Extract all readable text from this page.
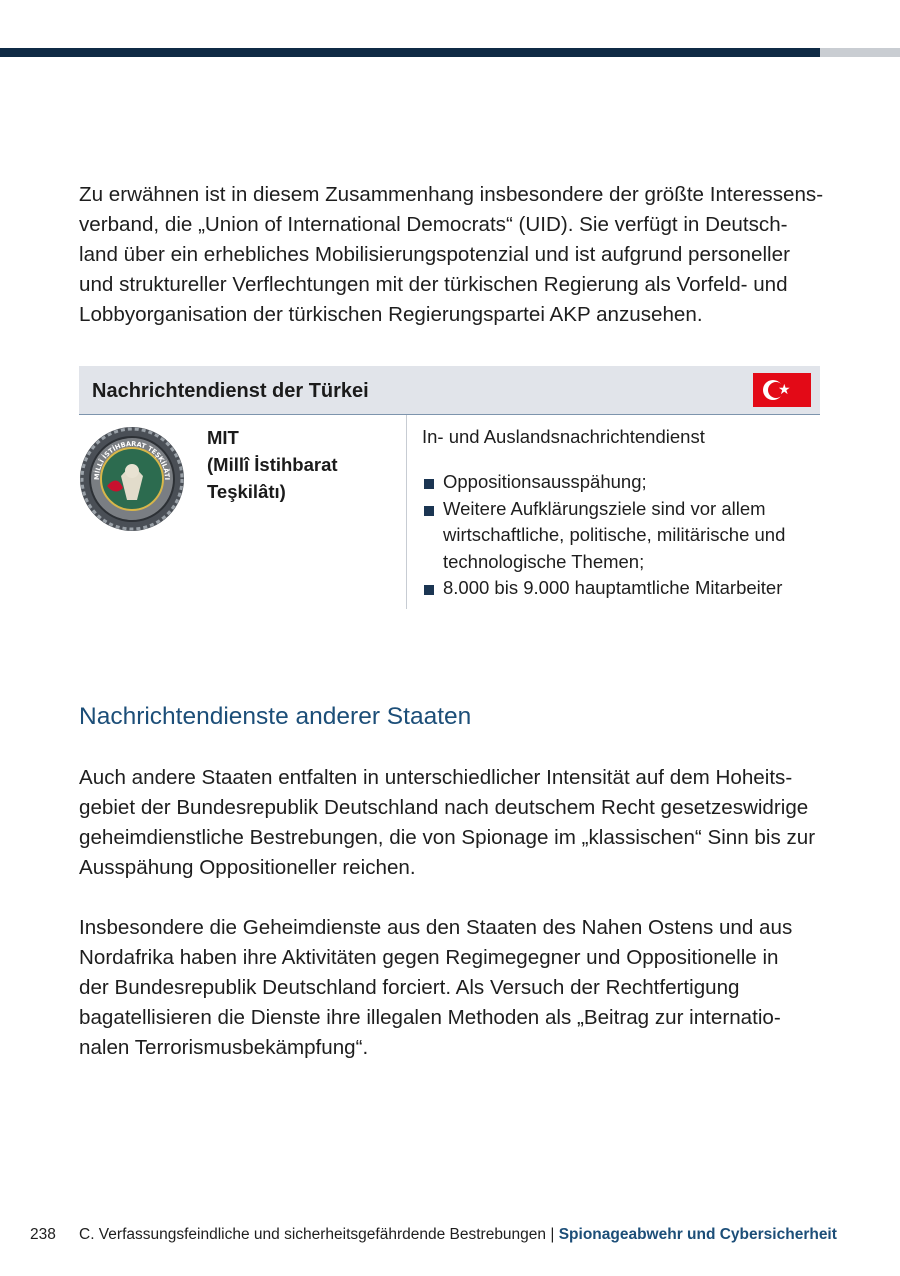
Zu erwähnen ist in diesem Zusammenhang insbesondere der größte Interessens-
verband, die „Union of International Democrats“ (UID). Sie verfügt in Deutsch-
land über ein erhebliches Mobilisierungspotenzial und ist aufgrund personeller
und struktureller Verflechtungen mit der türkischen Regierung als Vorfeld- und
Lobbyorganisation der türkischen Regierungspartei AKP anzusehen.

Nachrichtendienst der Türkei	★
MİLLÎ İSTİHBARAT TEŞKİLÂTI
MIT
(Millî İstihbarat
Teşkilâtı)
In- und Auslandsnachrichtendienst
Oppositionsausspähung;
Weitere Aufklärungsziele sind vor allem
wirtschaftliche, politische, militärische und
technologische Themen;
8.000 bis 9.000 hauptamtliche Mitarbeiter
Nachrichtendienste anderer Staaten

Auch andere Staaten entfalten in unterschiedlicher Intensität auf dem Hoheits-
gebiet der Bundesrepublik Deutschland nach deutschem Recht gesetzeswidrige
geheimdienstliche Bestrebungen, die von Spionage im „klassischen“ Sinn bis zur
Ausspähung Oppositioneller reichen.

Insbesondere die Geheimdienste aus den Staaten des Nahen Ostens und aus
Nordafrika haben ihre Aktivitäten gegen Regimegegner und Oppositionelle in
der Bundesrepublik Deutschland forciert. Als Versuch der Rechtfertigung
bagatellisieren die Dienste ihre illegalen Methoden als „Beitrag zur internatio-
nalen Terrorismusbekämpfung“.

238 C. Verfassungsfeindliche und sicherheitsgefährdende Bestrebungen | Spionageabwehr und Cybersicherheit
